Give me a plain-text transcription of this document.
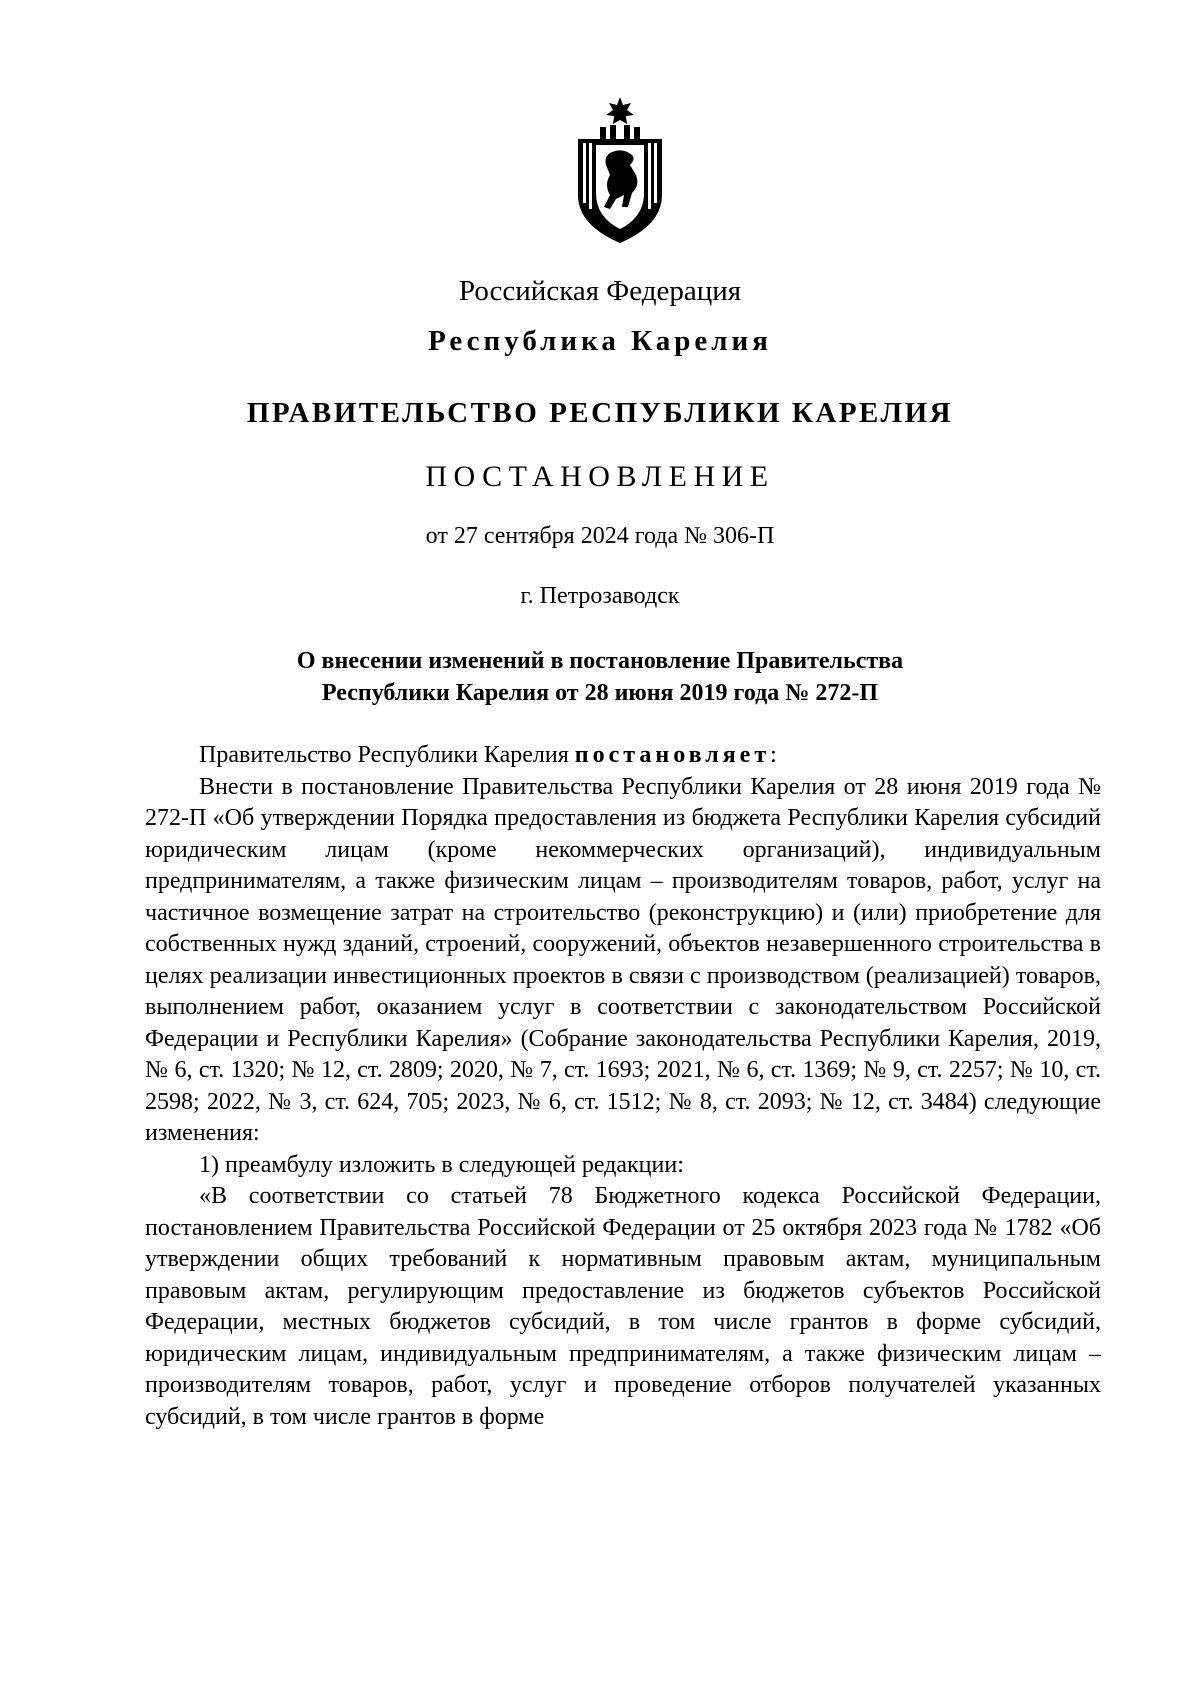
Российская Федерация
Республика Карелия
ПРАВИТЕЛЬСТВО РЕСПУБЛИКИ КАРЕЛИЯ
ПОСТАНОВЛЕНИЕ
от 27 сентября 2024 года № 306-П
г. Петрозаводск
О внесении изменений в постановление Правительства
Республики Карелия от 28 июня 2019 года № 272-П

Правительство Республики Карелия постановляет:

Внести в постановление Правительства Республики Карелия от 28 июня 2019 года № 272-П «Об утверждении Порядка предоставления из бюджета Республики Карелия субсидий юридическим лицам (кроме некоммерческих организаций), индивидуальным предпринимателям, а также физическим лицам – производителям товаров, работ, услуг на частичное возмещение затрат на строительство (реконструкцию) и (или) приобретение для собственных нужд зданий, строений, сооружений, объектов незавершенного строительства в целях реализации инвестиционных проектов в связи с производством (реализацией) товаров, выполнением работ, оказанием услуг в соответствии с законодательством Российской Федерации и Республики Карелия» (Собрание законодательства Республики Карелия, 2019, № 6, ст. 1320; № 12, ст. 2809; 2020, № 7, ст. 1693; 2021, № 6, ст. 1369; № 9, ст. 2257; № 10, ст. 2598; 2022, № 3, ст. 624, 705; 2023, № 6, ст. 1512; № 8, ст. 2093; № 12, ст. 3484) следующие изменения:

1) преамбулу изложить в следующей редакции:

«В соответствии со статьей 78 Бюджетного кодекса Российской Федерации, постановлением Правительства Российской Федерации от 25 октября 2023 года № 1782 «Об утверждении общих требований к нормативным правовым актам, муниципальным правовым актам, регулирующим предоставление из бюджетов субъектов Российской Федерации, местных бюджетов субсидий, в том числе грантов в форме субсидий, юридическим лицам, индивидуальным предпринимателям, а также физическим лицам – производителям товаров, работ, услуг и проведение отборов получателей указанных субсидий, в том числе грантов в форме
